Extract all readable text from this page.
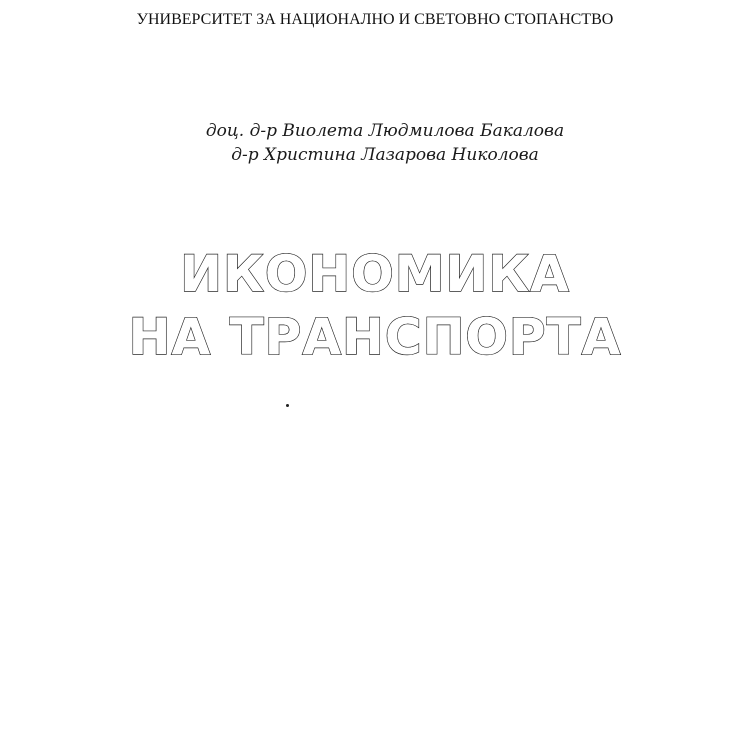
УНИВЕРСИТЕТ ЗА НАЦИОНАЛНО И СВЕТОВНО СТОПАНСТВО
доц. д-р Виолета Людмилова Бакалова
д-р Христина Лазарова Николова
ИКОНОМИКА
НА ТРАНСПОРТА
